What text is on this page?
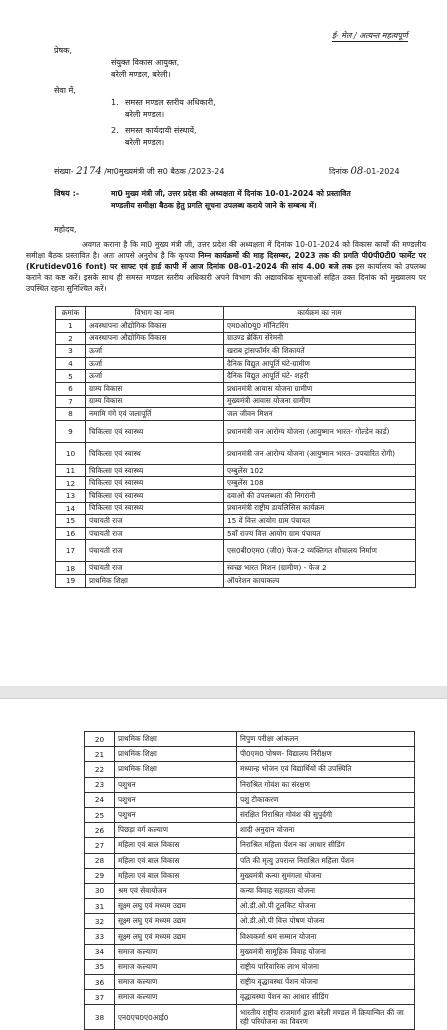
ई- मेल / अत्यन्त महत्वपूर्ण
प्रेषक,
संयुक्त विकास आयुक्त,
बरेली मण्डल, बरेली।
सेवा में,
1. समस्त मण्डल स्तरीय अधिकारी,
बरेली मण्डल।
2. समस्त कार्यदायी संस्थायें,
बरेली मण्डल।
संख्या- 2174 /मा0मुख्यमंत्री जी स0 बैठक /2023-24	दिनांक 08-01-2024
विषय :-	मा0 मुख्य मंत्री जी, उत्तर प्रदेश की अध्यक्षता में दिनांक 10-01-2024 को प्रस्तावित
मण्डलीय समीक्षा बैठक हेतु प्रगति सूचना उपलब्ध कराये जाने के सम्बन्ध में।
महोदय,
अवगत कराना है कि मा0 मुख्य मंत्री जी, उत्तर प्रदेश की अध्यक्षता में दिनांक 10-01-2024 को विकास कार्यों की मण्डलीय समीक्षा बैठक प्रस्तावित है। अतः आपसे अनुरोध है कि कृपया निम्न कार्यक्रमों की माह दिसम्बर, 2023 तक की प्रगति पी0पी0टी0 फार्मेट पर (Krutidev016 font) पर साफ्ट एवं हार्ड कापी में आज दिनांक 08-01-2024 की सांय 4.00 बजे तक इस कार्यालय को उपलब्ध कराने का कष्ट करें। इसके साथ ही समस्त मण्डल स्तरीय अधिकारी अपने विभाग की अद्यावधिक सूचनाओं सहित उक्त दिनांक को मुख्यालय पर उपस्थित रहना सुनिश्चित करें।
क्रमांक	विभाग का नाम	कार्यक्रम का नाम
1	अवस्थापना औद्योगिक विकास	एम0ओ0यू0 मॉनिटरिंग
2	अवस्थापना औद्योगिक विकास	ग्राउण्ड ब्रेकिंग सेरेमनी
3	ऊर्जा	खराब ट्रांसफॉर्मर की शिकायतें
4	ऊर्जा	दैनिक विद्युत आपूर्ति घंटे-ग्रामीण
5	ऊर्जा	दैनिक विद्युत आपूर्ति घंटे- शहरी
6	ग्राम्य विकास	प्रधानमंत्री आवास योजना ग्रामीण
7	ग्राम्य विकास	मुख्यमंत्री आवास योजना ग्रामीण
8	नमामि गंगे एवं जलापूर्ति	जल जीवन मिशन
9	चिकित्सा एवं स्वास्थ्य	प्रधानमंत्री जन आरोग्य योजना (आयुष्मान भारत- गोल्डेन कार्ड)
10	चिकित्सा एवं स्वास्थ	प्रधानमंत्री जन आरोग्य योजना (आयुष्मान भारत- उपचारित रोगी)
11	चिकित्सा एवं स्वास्थ्य	एम्बुलेंस 102
12	चिकित्सा एवं स्वास्थ्य	एम्बुलेंस 108
13	चिकित्सा एवं स्वास्थ्य	दवाओं की उपलब्धता की निगरानी
14	चिकित्सा एवं स्वास्थ्य	प्रधानमंत्री राष्ट्रीय डायलिसिस कार्यक्रम
15	पंचायती राज	15 वें वित्त आयोग ग्राम पंचायत
16	पंचायती राज	5वाँ राज्य वित्त आयोग ग्राम पंचायत
17	पंचायती राज	एस0बी0एम0 (जी0) फेज-2 व्यक्तिगत शौचालय निर्माण
18	पंचायती राज	स्वच्छ भारत मिशन (ग्रामीण) - फेज 2
19	प्राथमिक शिक्षा	ऑपरेशन कायाकल्प
20	प्राथमिक शिक्षा	निपुण परीक्षा आंकलन
21	प्राथमिक शिक्षा	पी0एम0 पोषण- विद्यालय निरीक्षण
22	प्राथमिक शिक्षा	मध्यान्ह भोजन एवं विद्यार्थियों की उपस्थिति
23	पशुधन	निराश्रित गोवंश का संरक्षण
24	पशुधन	पशु टीकाकरण
25	पशुधन	संरक्षित निराश्रित गोवंश की सुपुर्दगी
26	पिछड़ा वर्ग कल्याण	शादी अनुदान योजना
27	महिला एवं बाल विकास	निराश्रित महिला पेंशन का आधार सीडिंग
28	महिला एवं बाल विकास	पति की मृत्यु उपरान्त निराश्रित महिला पेंशन
29	महिला एवं बाल विकास	मुख्यमंत्री कन्या सुमंगला योजना
30	श्रम एवं सेवायोजन	कन्या विवाह सहायता योजना
31	सूक्ष्म लघु एवं मध्यम उद्यम	ओ.डी.ओ.पी टूलकिट योजना
32	सूक्ष्म लघु एवं मध्यम उद्यम	ओ.डी.ओ.पी वित्त पोषण योजना
33	सूक्ष्म लघु एवं मध्यम उद्यम	विश्वकर्मा श्रम सम्मान योजना
34	समाज कल्याण	मुख्यमंत्री सामूहिक विवाह योजना
35	समाज कल्याण	राष्ट्रीय पारिवारिक लाभ योजना
36	समाज कल्याण	राष्ट्रीय वृद्धावस्था पेंशन योजना
37	समाज कल्याण	वृद्धावस्था पेंशन का आधार सीडिंग
38	एन0एच0ए0आई0	भारतीय राष्ट्रीय राजमार्ग द्वारा बरेली मण्डल में क्रियान्वित की जा रही परियोजना का विवरण
